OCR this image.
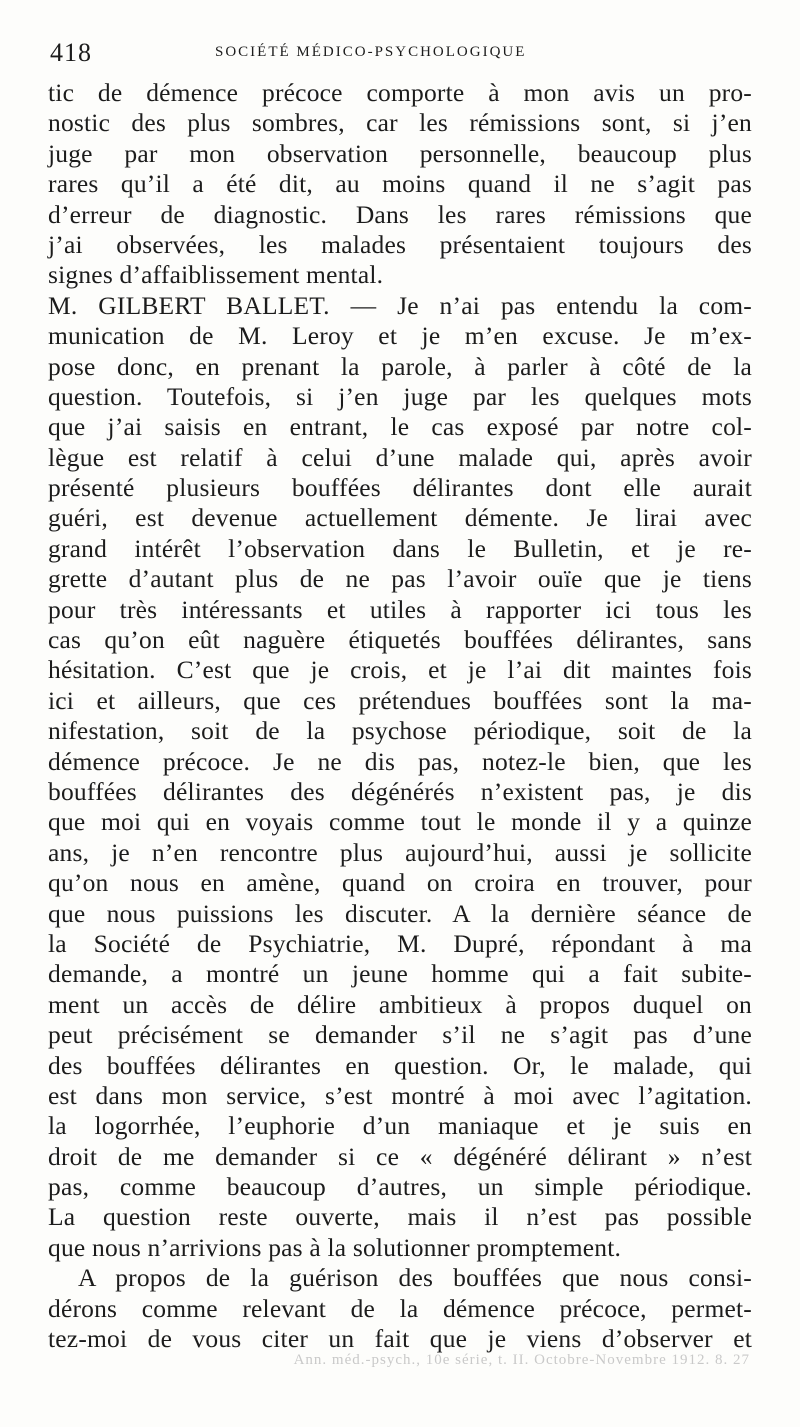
418	SOCIÉTÉ MÉDICO-PSYCHOLOGIQUE
tic de démence précoce comporte à mon avis un pro-
nostic des plus sombres, car les rémissions sont, si j’en
juge par mon observation personnelle, beaucoup plus
rares qu’il a été dit, au moins quand il ne s’agit pas
d’erreur de diagnostic. Dans les rares rémissions que
j’ai observées, les malades présentaient toujours des
signes d’affaiblissement mental.
M. GILBERT BALLET. — Je n’ai pas entendu la com-
munication de M. Leroy et je m’en excuse. Je m’ex-
pose donc, en prenant la parole, à parler à côté de la
question. Toutefois, si j’en juge par les quelques mots
que j’ai saisis en entrant, le cas exposé par notre col-
lègue est relatif à celui d’une malade qui, après avoir
présenté plusieurs bouffées délirantes dont elle aurait
guéri, est devenue actuellement démente. Je lirai avec
grand intérêt l’observation dans le Bulletin, et je re-
grette d’autant plus de ne pas l’avoir ouïe que je tiens
pour très intéressants et utiles à rapporter ici tous les
cas qu’on eût naguère étiquetés bouffées délirantes, sans
hésitation. C’est que je crois, et je l’ai dit maintes fois
ici et ailleurs, que ces prétendues bouffées sont la ma-
nifestation, soit de la psychose périodique, soit de la
démence précoce. Je ne dis pas, notez-le bien, que les
bouffées délirantes des dégénérés n’existent pas, je dis
que moi qui en voyais comme tout le monde il y a quinze
ans, je n’en rencontre plus aujourd’hui, aussi je sollicite
qu’on nous en amène, quand on croira en trouver, pour
que nous puissions les discuter. A la dernière séance de
la Société de Psychiatrie, M. Dupré, répondant à ma
demande, a montré un jeune homme qui a fait subite-
ment un accès de délire ambitieux à propos duquel on
peut précisément se demander s’il ne s’agit pas d’une
des bouffées délirantes en question. Or, le malade, qui
est dans mon service, s’est montré à moi avec l’agitation.
la logorrhée, l’euphorie d’un maniaque et je suis en
droit de me demander si ce « dégénéré délirant » n’est
pas, comme beaucoup d’autres, un simple périodique.
La question reste ouverte, mais il n’est pas possible
que nous n’arrivions pas à la solutionner promptement.
A propos de la guérison des bouffées que nous consi-
dérons comme relevant de la démence précoce, permet-
tez-moi de vous citer un fait que je viens d’observer et
Ann. méd.-psych., 10e série, t. II. Octobre-Novembre 1912. 8. 27
